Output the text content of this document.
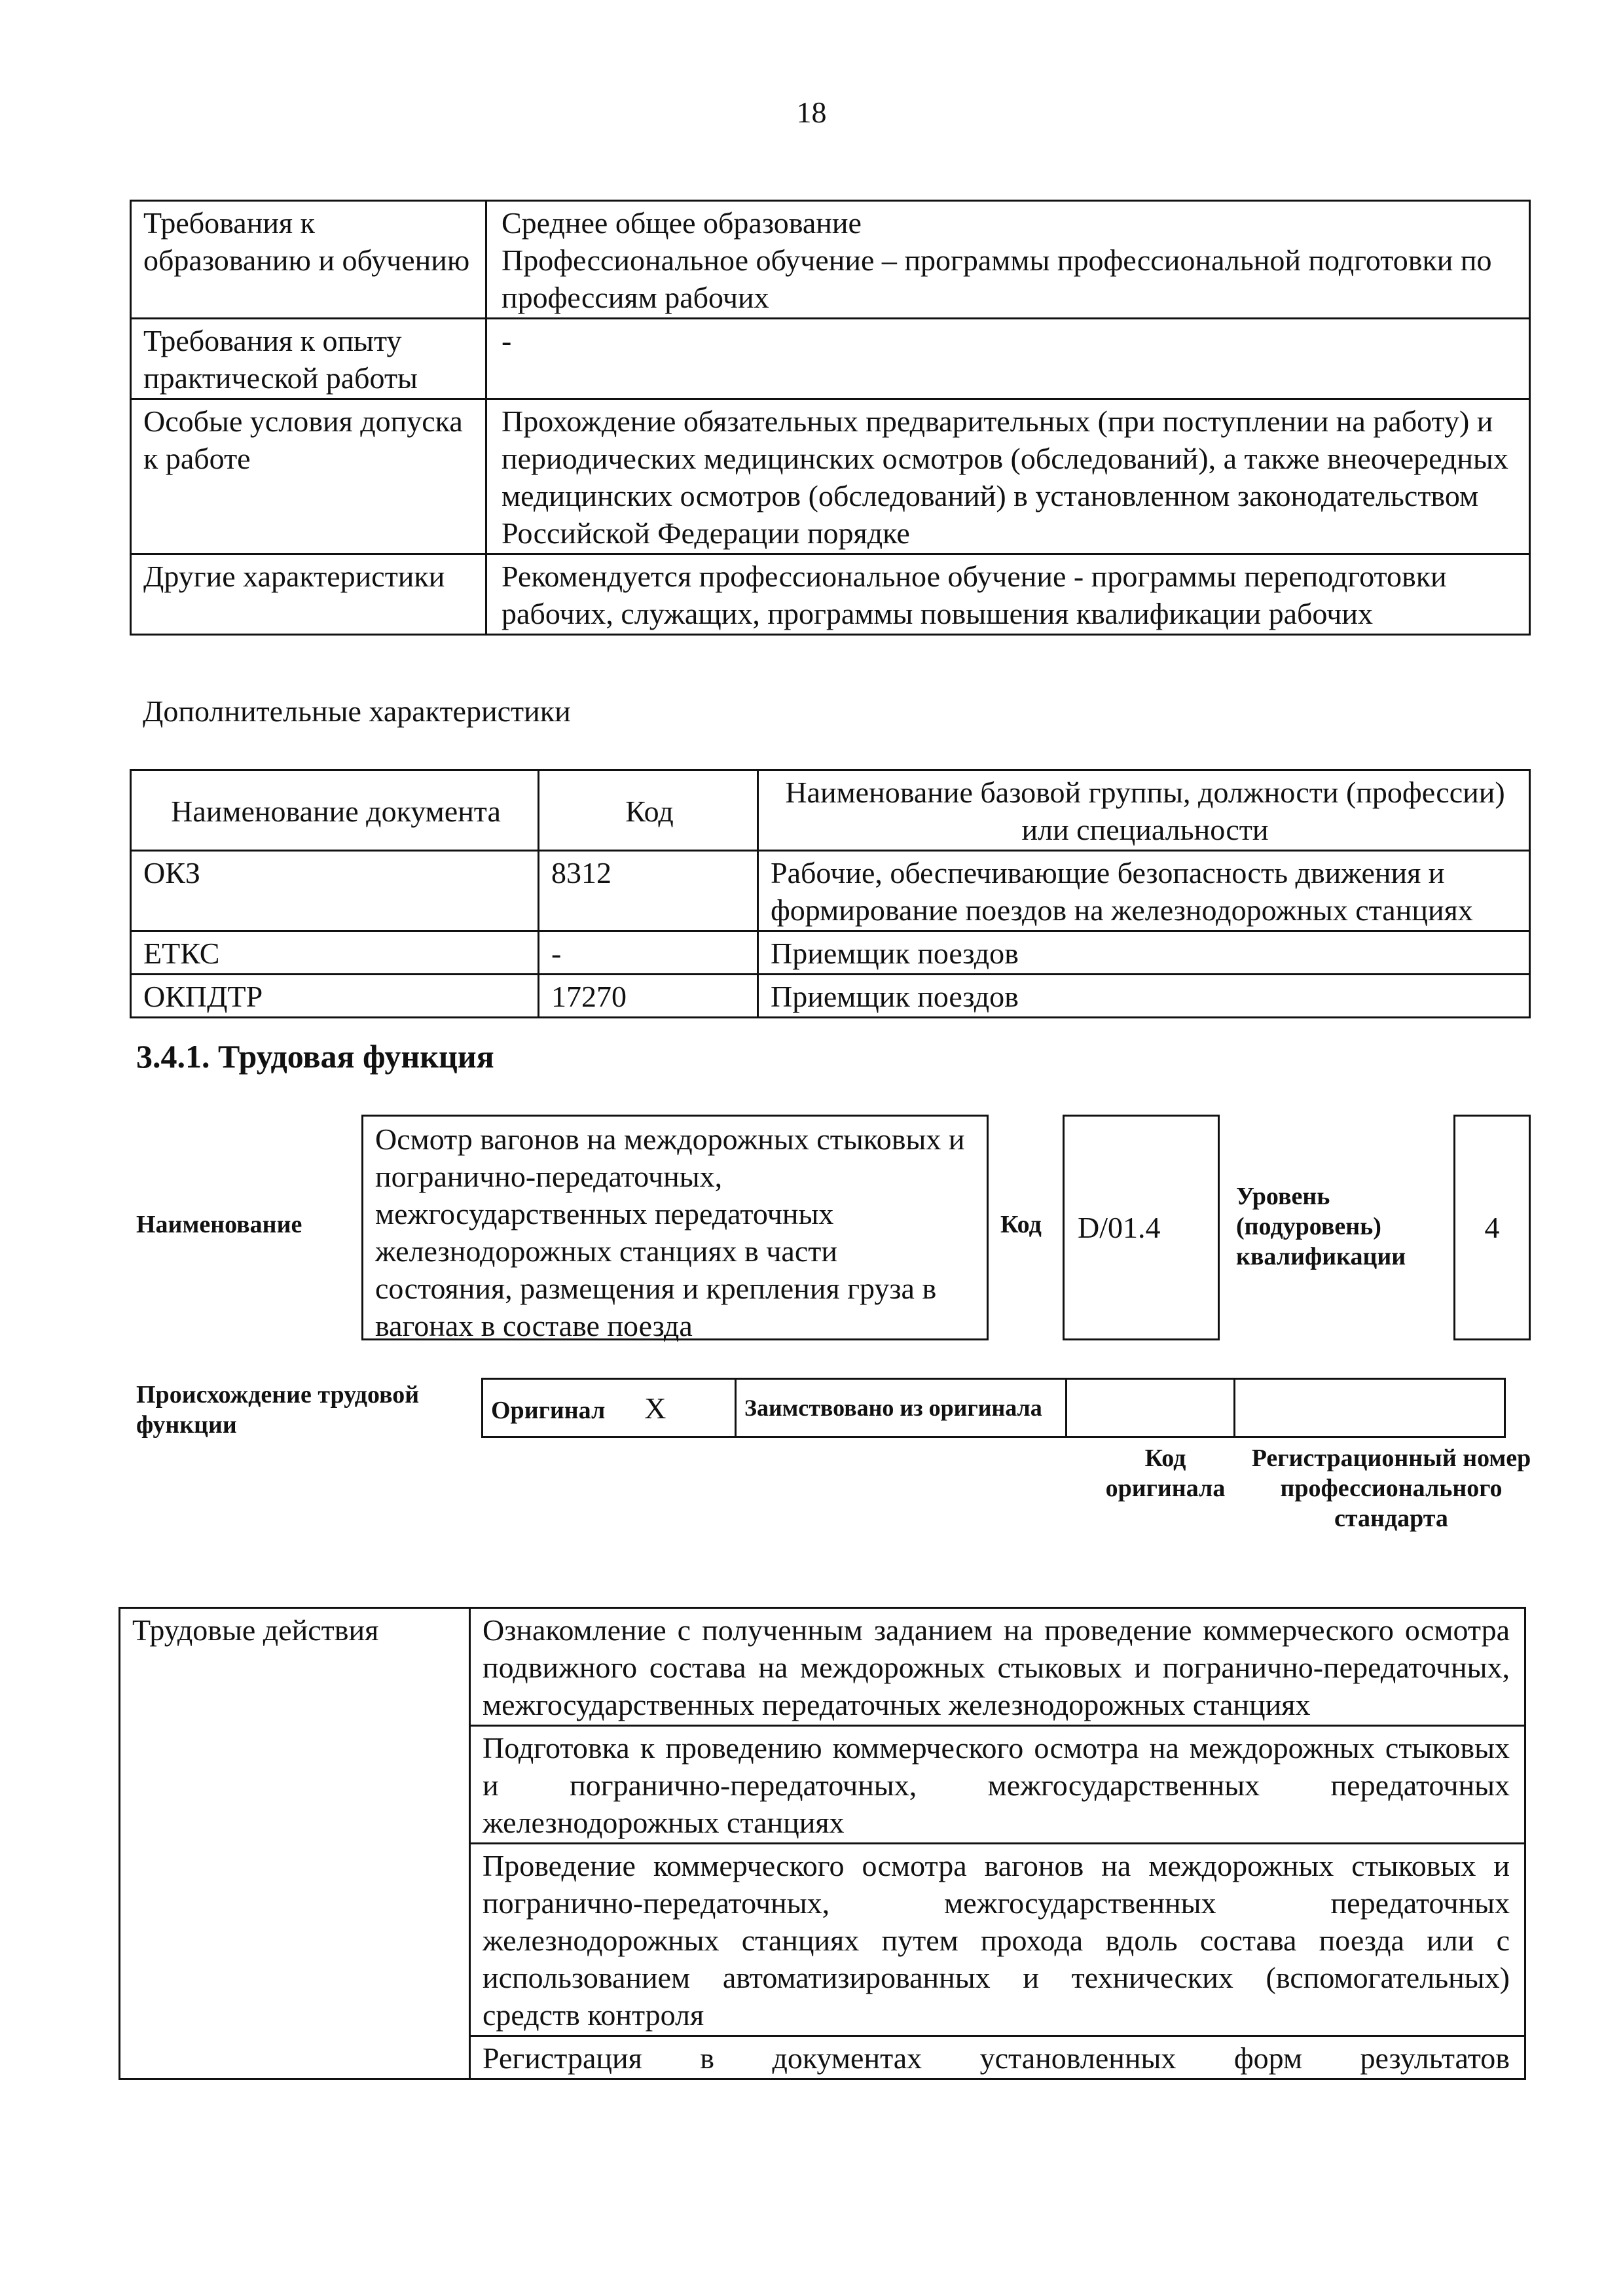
18
Требования к образованию и обучению	Среднее общее образование
Профессиональное обучение – программы профессиональной подготовки по профессиям рабочих

Требования к опыту практической работы	-
Особые условия допуска к работе	Прохождение обязательных предварительных (при поступлении на работу) и периодических медицинских осмотров (обследований), а также внеочередных медицинских осмотров (обследований) в установленном законодательством Российской Федерации порядке
Другие характеристики	Рекомендуется профессиональное обучение - программы переподготовки рабочих, служащих, программы повышения квалификации рабочих
Дополнительные характеристики
Наименование документа	Код	Наименование базовой группы, должности (профессии) или специальности
ОКЗ	8312	Рабочие, обеспечивающие безопасность движения и формирование поездов на железнодорожных станциях
ЕТКС	-	Приемщик поездов
ОКПДТР	17270	Приемщик поездов
3.4.1. Трудовая функция
Наименование
Осмотр вагонов на междорожных стыковых и погранично-передаточных, межгосударственных передаточных железнодорожных станциях в части состояния, размещения и крепления груза в вагонах в составе поезда
Код	D/01.4
Уровень (подуровень) квалификации
4
Происхождение трудовой функции
Оригинал X	Заимствовано из оригинала		
Код оригинала
Регистрационный номер профессионального стандарта
Трудовые действия	Ознакомление с полученным заданием на проведение коммерческого осмотра подвижного состава на междорожных стыковых и погранично-передаточных, межгосударственных передаточных железнодорожных станциях
Подготовка к проведению коммерческого осмотра на междорожных стыковых и погранично-передаточных, межгосударственных передаточных железнодорожных станциях
Проведение коммерческого осмотра вагонов на междорожных стыковых и погранично-передаточных, межгосударственных передаточных железнодорожных станциях путем прохода вдоль состава поезда или с использованием автоматизированных и технических (вспомогательных) средств контроля
Регистрация в документах установленных форм результатов
